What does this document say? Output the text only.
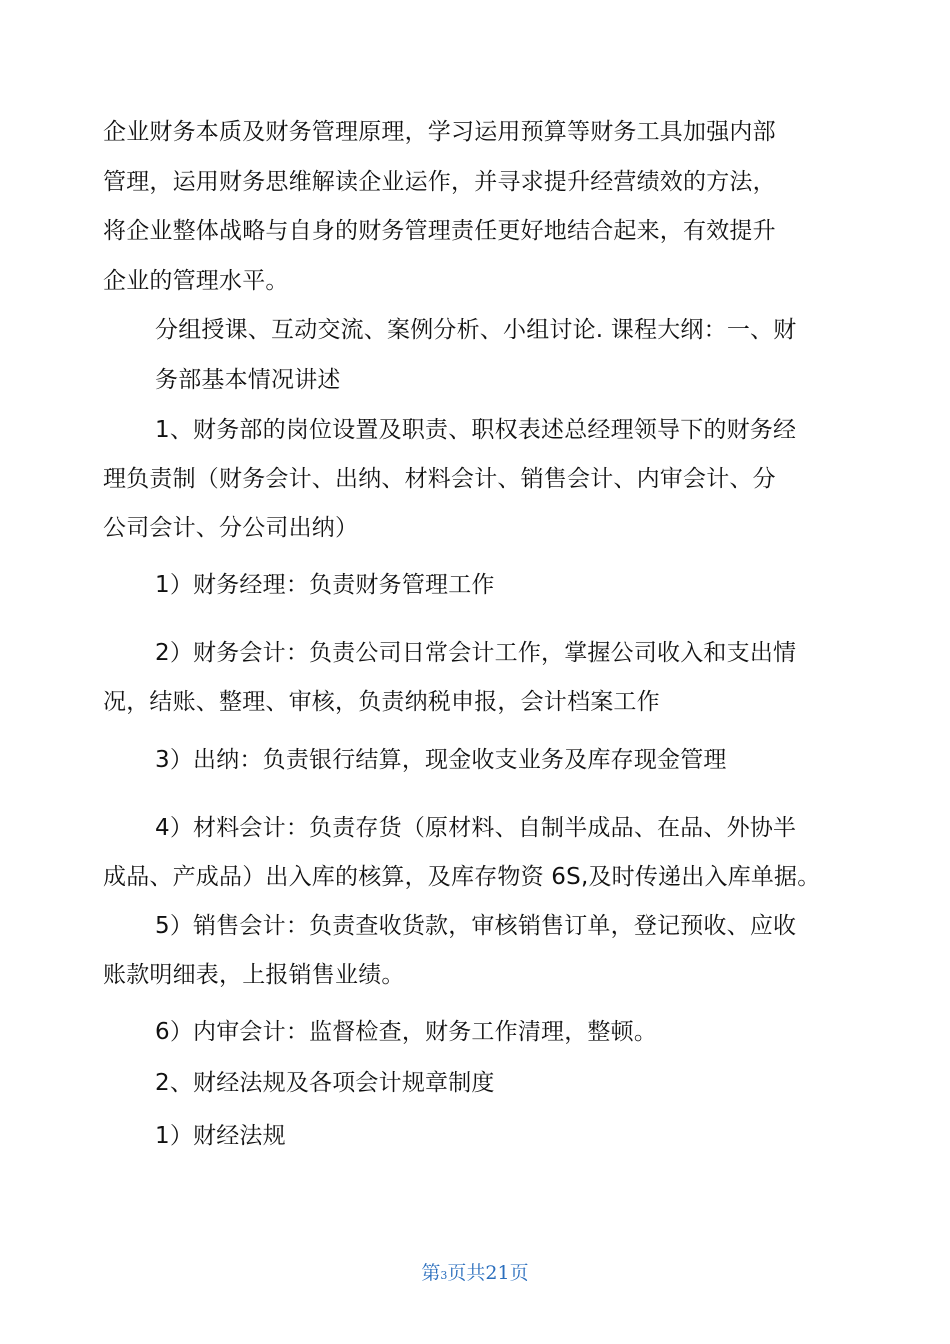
企业财务本质及财务管理原理，学习运用预算等财务工具加强内部
管理，运用财务思维解读企业运作，并寻求提升经营绩效的方法，
将企业整体战略与自身的财务管理责任更好地结合起来，有效提升
企业的管理水平。
分组授课、互动交流、案例分析、小组讨论. 课程大纲：一、财
务部基本情况讲述
1、财务部的岗位设置及职责、职权表述总经理领导下的财务经
理负责制（财务会计、出纳、材料会计、销售会计、内审会计、分
公司会计、分公司出纳）
1）财务经理：负责财务管理工作
2）财务会计：负责公司日常会计工作，掌握公司收入和支出情
况，结账、整理、审核，负责纳税申报，会计档案工作
3）出纳：负责银行结算，现金收支业务及库存现金管理
4）材料会计：负责存货（原材料、自制半成品、在品、外协半
成品、产成品）出入库的核算，及库存物资 6S,及时传递出入库单据。
5）销售会计：负责查收货款，审核销售订单，登记预收、应收
账款明细表，上报销售业绩。
6）内审会计：监督检查，财务工作清理，整顿。
2、财经法规及各项会计规章制度
1）财经法规
第3页共21页
